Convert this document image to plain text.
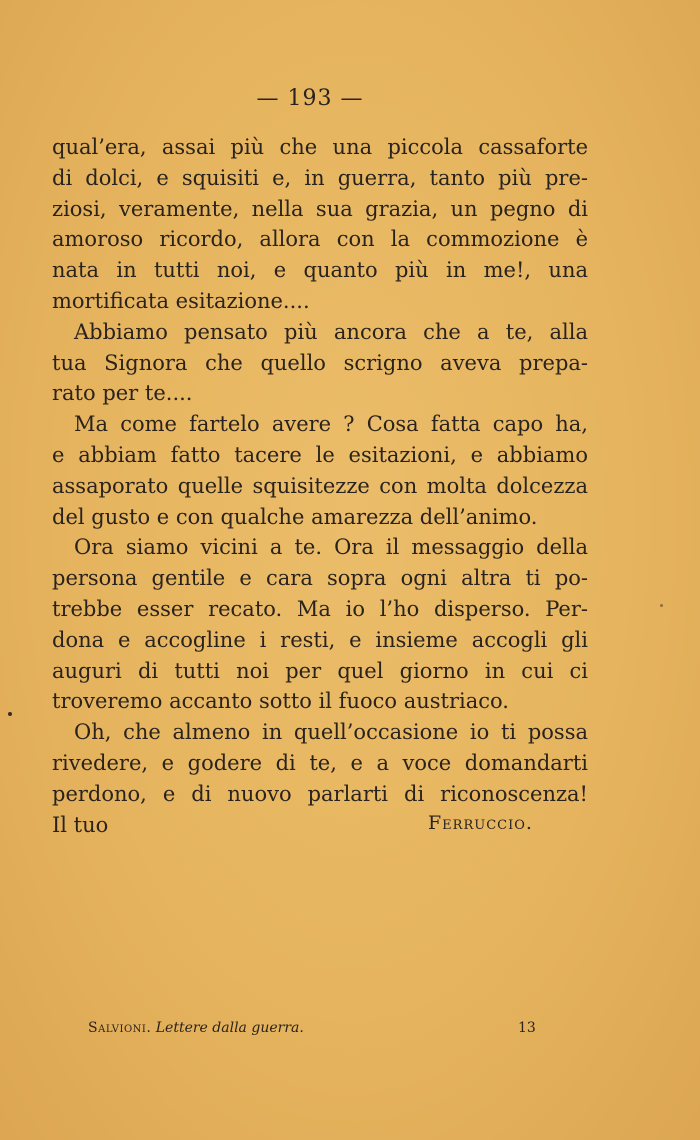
— 193 —
qual’era, assai più che una piccola cassaforte
di dolci, e squisiti e, in guerra, tanto più pre-
ziosi, veramente, nella sua grazia, un pegno di
amoroso ricordo, allora con la commozione è
nata in tutti noi, e quanto più in me!, una
mortificata esitazione....
Abbiamo pensato più ancora che a te, alla
tua Signora che quello scrigno aveva prepa-
rato per te....
Ma come fartelo avere ? Cosa fatta capo ha,
e abbiam fatto tacere le esitazioni, e abbiamo
assaporato quelle squisitezze con molta dolcezza
del gusto e con qualche amarezza dell’animo.
Ora siamo vicini a te. Ora il messaggio della
persona gentile e cara sopra ogni altra ti po-
trebbe esser recato. Ma io l’ho disperso. Per-
dona e accogline i resti, e insieme accogli gli
auguri di tutti noi per quel giorno in cui ci
troveremo accanto sotto il fuoco austriaco.
Oh, che almeno in quell’occasione io ti possa
rivedere, e godere di te, e a voce domandarti
perdono, e di nuovo parlarti di riconoscenza!
Il tuo	Ferruccio.
Salvioni. Lettere dalla guerra.	13
